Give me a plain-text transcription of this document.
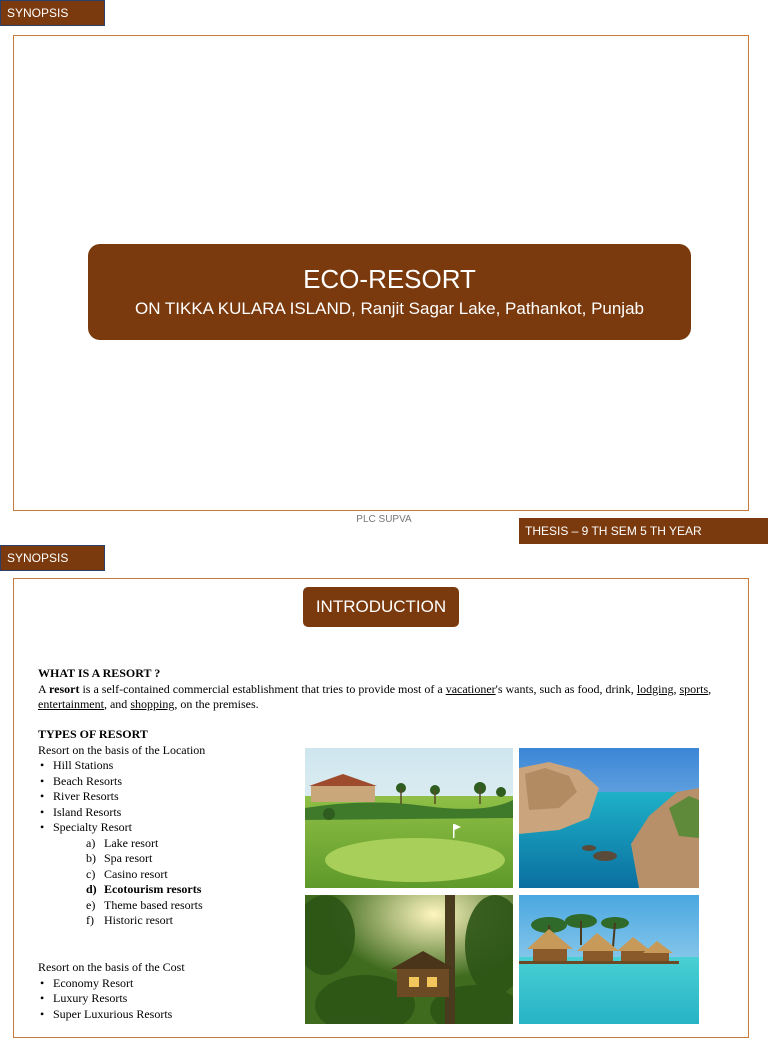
SYNOPSIS
ECO-RESORT
ON TIKKA KULARA ISLAND, Ranjit Sagar Lake, Pathankot, Punjab
PLC SUPVA
THESIS – 9 TH SEM 5 TH YEAR
SYNOPSIS
INTRODUCTION
WHAT IS A RESORT ?
A resort is a self-contained commercial establishment that tries to provide most of a vacationer's wants, such as food, drink, lodging, sports, entertainment, and shopping, on the premises.
TYPES OF RESORT
Resort on the basis of the Location
• Hill Stations
• Beach Resorts
• River Resorts
• Island Resorts
• Specialty Resort
a) Lake resort
b) Spa resort
c) Casino resort
d) Ecotourism resorts
e) Theme based resorts
f) Historic resort
Resort on the basis of the Cost
• Economy Resort
• Luxury Resorts
• Super Luxurious Resorts
